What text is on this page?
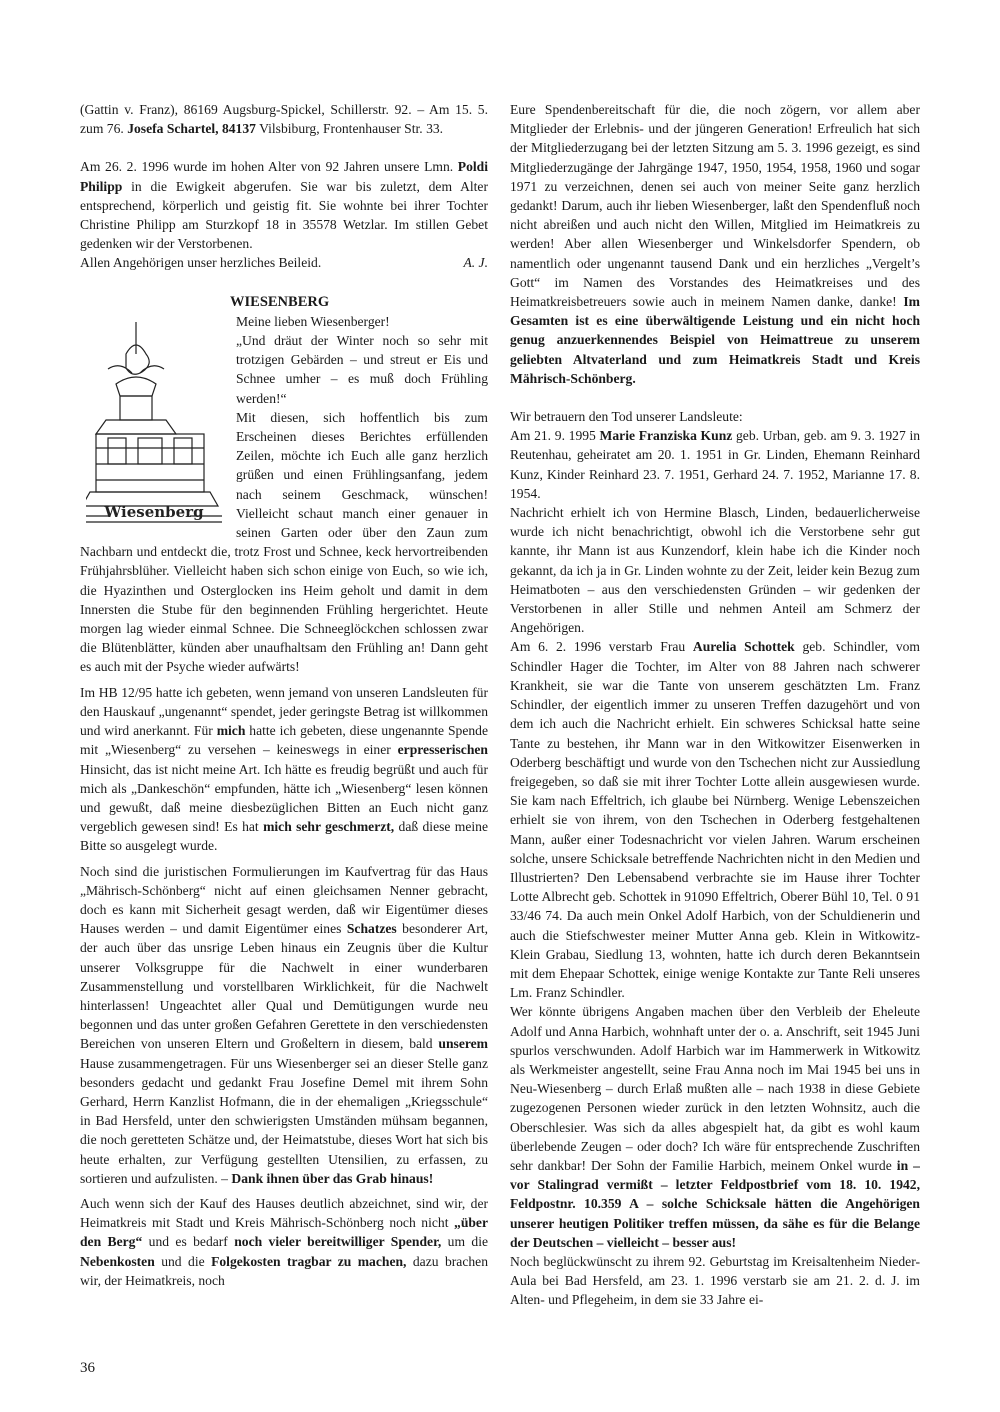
(Gattin v. Franz), 86169 Augsburg-Spickel, Schillerstr. 92. – Am 15. 5. zum 76. Josefa Schartel, 84137 Vilsbiburg, Frontenhauser Str. 33.

Am 26. 2. 1996 wurde im hohen Alter von 92 Jahren unsere Lmn. Poldi Philipp in die Ewigkeit abgerufen. Sie war bis zuletzt, dem Alter entsprechend, körperlich und geistig fit. Sie wohnte bei ihrer Tochter Christine Philipp am Sturzkopf 18 in 35578 Wetzlar. Im stillen Gebet gedenken wir der Verstorbenen.

Allen Angehörigen unser herzliches Beileid.	A. J.

WIESENBERG
Wiesenberg

Meine lieben Wiesenberger!

„Und dräut der Winter noch so sehr mit trotzigen Gebärden – und streut er Eis und Schnee umher – es muß doch Frühling werden!“

Mit diesen, sich hoffentlich bis zum Erscheinen dieses Berichtes erfüllenden Zeilen, möchte ich Euch alle ganz herzlich grüßen und einen Frühlingsanfang, jedem nach seinem Geschmack, wünschen! Vielleicht schaut manch einer genauer in seinen Garten oder über den Zaun zum Nachbarn und entdeckt die, trotz Frost und Schnee, keck hervortreibenden Frühjahrsblüher. Vielleicht haben sich schon einige von Euch, so wie ich, die Hyazinthen und Osterglocken ins Heim geholt und damit in dem Innersten die Stube für den beginnenden Frühling hergerichtet. Heute morgen lag wieder einmal Schnee. Die Schneeglöckchen schlossen zwar die Blütenblätter, künden aber unaufhaltsam den Frühling an! Dann geht es auch mit der Psyche wieder aufwärts!

Im HB 12/95 hatte ich gebeten, wenn jemand von unseren Landsleuten für den Hauskauf „ungenannt“ spendet, jeder geringste Betrag ist willkommen und wird anerkannt. Für mich hatte ich gebeten, diese ungenannte Spende mit „Wiesenberg“ zu versehen – keineswegs in einer erpresserischen Hinsicht, das ist nicht meine Art. Ich hätte es freudig begrüßt und auch für mich als „Dankeschön“ empfunden, hätte ich „Wiesenberg“ lesen können und gewußt, daß meine diesbezüglichen Bitten an Euch nicht ganz vergeblich gewesen sind! Es hat mich sehr geschmerzt, daß diese meine Bitte so ausgelegt wurde.

Noch sind die juristischen Formulierungen im Kaufvertrag für das Haus „Mährisch-Schönberg“ nicht auf einen gleichsamen Nenner gebracht, doch es kann mit Sicherheit gesagt werden, daß wir Eigentümer dieses Hauses werden – und damit Eigentümer eines Schatzes besonderer Art, der auch über das unsrige Leben hinaus ein Zeugnis über die Kultur unserer Volksgruppe für die Nachwelt in einer wunderbaren Zusammenstellung und vorstellbaren Wirklichkeit, für die Nachwelt hinterlassen! Ungeachtet aller Qual und Demütigungen wurde neu begonnen und das unter großen Gefahren Gerettete in den verschiedensten Bereichen von unseren Eltern und Großeltern in diesem, bald unserem Hause zusammengetragen. Für uns Wiesenberger sei an dieser Stelle ganz besonders gedacht und gedankt Frau Josefine Demel mit ihrem Sohn Gerhard, Herrn Kanzlist Hofmann, die in der ehemaligen „Kriegsschule“ in Bad Hersfeld, unter den schwierigsten Umständen mühsam begannen, die noch geretteten Schätze und, der Heimatstube, dieses Wort hat sich bis heute erhalten, zur Verfügung gestellten Utensilien, zu erfassen, zu sortieren und aufzulisten. – Dank ihnen über das Grab hinaus!

Auch wenn sich der Kauf des Hauses deutlich abzeichnet, sind wir, der Heimatkreis mit Stadt und Kreis Mährisch-Schönberg noch nicht „über den Berg“ und es bedarf noch vieler bereitwilliger Spender, um die Nebenkosten und die Folgekosten tragbar zu machen, dazu brachen wir, der Heimatkreis, noch

Eure Spendenbereitschaft für die, die noch zögern, vor allem aber Mitglieder der Erlebnis- und der jüngeren Generation! Erfreulich hat sich der Mitgliederzugang bei der letzten Sitzung am 5. 3. 1996 gezeigt, es sind Mitgliederzugänge der Jahrgänge 1947, 1950, 1954, 1958, 1960 und sogar 1971 zu verzeichnen, denen sei auch von meiner Seite ganz herzlich gedankt! Darum, auch ihr lieben Wiesenberger, laßt den Spendenfluß noch nicht abreißen und auch nicht den Willen, Mitglied im Heimatkreis zu werden! Aber allen Wiesenberger und Winkelsdorfer Spendern, ob namentlich oder ungenannt tausend Dank und ein herzliches „Vergelt’s Gott“ im Namen des Vorstandes des Heimatkreises und des Heimatkreisbetreuers sowie auch in meinem Namen danke, danke! Im Gesamten ist es eine überwältigende Leistung und ein nicht hoch genug anzuerkennendes Beispiel von Heimattreue zu unserem geliebten Altvaterland und zum Heimatkreis Stadt und Kreis Mährisch-Schönberg.

Wir betrauern den Tod unserer Landsleute:

Am 21. 9. 1995 Marie Franziska Kunz geb. Urban, geb. am 9. 3. 1927 in Reutenhau, geheiratet am 20. 1. 1951 in Gr. Linden, Ehemann Reinhard Kunz, Kinder Reinhard 23. 7. 1951, Gerhard 24. 7. 1952, Marianne 17. 8. 1954.

Nachricht erhielt ich von Hermine Blasch, Linden, bedauerlicherweise wurde ich nicht benachrichtigt, obwohl ich die Verstorbene sehr gut kannte, ihr Mann ist aus Kunzendorf, klein habe ich die Kinder noch gekannt, da ich ja in Gr. Linden wohnte zu der Zeit, leider kein Bezug zum Heimatboten – aus den verschiedensten Gründen – wir gedenken der Verstorbenen in aller Stille und nehmen Anteil am Schmerz der Angehörigen.

Am 6. 2. 1996 verstarb Frau Aurelia Schottek geb. Schindler, vom Schindler Hager die Tochter, im Alter von 88 Jahren nach schwerer Krankheit, sie war die Tante von unserem geschätzten Lm. Franz Schindler, der eigentlich immer zu unseren Treffen dazugehört und von dem ich auch die Nachricht erhielt. Ein schweres Schicksal hatte seine Tante zu bestehen, ihr Mann war in den Witkowitzer Eisenwerken in Oderberg beschäftigt und wurde von den Tschechen nicht zur Aussiedlung freigegeben, so daß sie mit ihrer Tochter Lotte allein ausgewiesen wurde. Sie kam nach Effeltrich, ich glaube bei Nürnberg. Wenige Lebenszeichen erhielt sie von ihrem, von den Tschechen in Oderberg festgehaltenen Mann, außer einer Todesnachricht vor vielen Jahren. Warum erscheinen solche, unsere Schicksale betreffende Nachrichten nicht in den Medien und Illustrierten? Den Lebensabend verbrachte sie im Hause ihrer Tochter Lotte Albrecht geb. Schottek in 91090 Effeltrich, Oberer Bühl 10, Tel. 0 91 33/46 74. Da auch mein Onkel Adolf Harbich, von der Schuldienerin und auch die Stiefschwester meiner Mutter Anna geb. Klein in Witkowitz-Klein Grabau, Siedlung 13, wohnten, hatte ich durch deren Bekanntsein mit dem Ehepaar Schottek, einige wenige Kontakte zur Tante Reli unseres Lm. Franz Schindler.

Wer könnte übrigens Angaben machen über den Verbleib der Eheleute Adolf und Anna Harbich, wohnhaft unter der o. a. Anschrift, seit 1945 Juni spurlos verschwunden. Adolf Harbich war im Hammerwerk in Witkowitz als Werkmeister angestellt, seine Frau Anna noch im Mai 1945 bei uns in Neu-Wiesenberg – durch Erlaß mußten alle – nach 1938 in diese Gebiete zugezogenen Personen wieder zurück in den letzten Wohnsitz, auch die Oberschlesier. Was sich da alles abgespielt hat, da gibt es wohl kaum überlebende Zeugen – oder doch? Ich wäre für entsprechende Zuschriften sehr dankbar! Der Sohn der Familie Harbich, meinem Onkel wurde in – vor Stalingrad vermißt – letzter Feldpostbrief vom 18. 10. 1942, Feldpostnr. 10.359 A – solche Schicksale hätten die Angehörigen unserer heutigen Politiker treffen müssen, da sähe es für die Belange der Deutschen – vielleicht – besser aus!

Noch beglückwünscht zu ihrem 92. Geburtstag im Kreisaltenheim Nieder-Aula bei Bad Hersfeld, am 23. 1. 1996 verstarb sie am 21. 2. d. J. im Alten- und Pflegeheim, in dem sie 33 Jahre ei-

36
